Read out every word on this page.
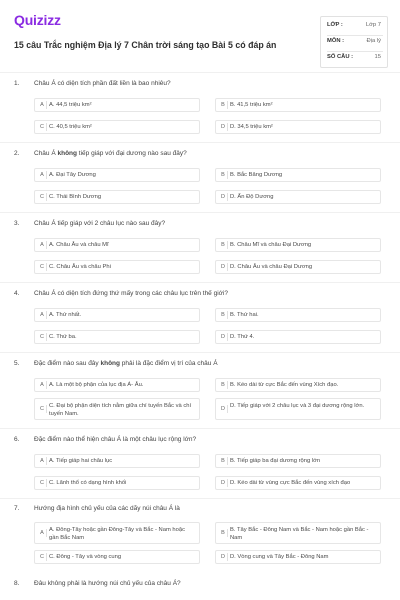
Quizizz
15 câu Trắc nghiệm Địa lý 7 Chân trời sáng tạo Bài 5 có đáp án
LỚP :	Lớp 7
MÔN :	Địa lý
SỐ CÂU :	15
1. Châu Á có diện tích phần đất liền là bao nhiêu?
A A. 44,5 triệu km²	B B. 41,5 triệu km²
C C. 40,5 triệu km²	D D. 34,5 triệu km²
2. Châu Á không tiếp giáp với đại dương nào sau đây?
A A. Đại Tây Dương	B B. Bắc Băng Dương
C C. Thái Bình Dương	D D. Ấn Độ Dương
3. Châu Á tiếp giáp với 2 châu lục nào sau đây?
A A. Châu Âu và châu Mĩ	B B. Châu Mĩ và châu Đại Dương
C C. Châu Âu và châu Phi	D D. Châu Âu và châu Đại Dương
4. Châu Á có diện tích đứng thứ mấy trong các châu lục trên thế giới?
A A. Thứ nhất.	B B. Thứ hai.
C C. Thứ ba.	D D. Thứ 4.
5. Đặc điểm nào sau đây không phải là đặc điểm vị trí của châu Á
A A. Là một bộ phận của lục địa Á- Âu.	B B. Kéo dài từ cực Bắc đến vùng Xích đạo.
C C. Đại bộ phận diện tích nằm giữa chí tuyến Bắc và chí tuyến Nam.
D D. Tiếp giáp với 2 châu lục và 3 đại dương rộng lớn.
6. Đặc điểm nào thể hiện châu Á là một châu lục rộng lớn?
A A. Tiếp giáp hai châu lục	B B. Tiếp giáp ba đại dương rộng lớn
C C. Lãnh thổ có dạng hình khối	D D. Kéo dài từ vùng cực Bắc đến vùng xích đạo
7. Hướng địa hình chủ yếu của các dãy núi châu Á là
A A. Đông-Tây hoặc gần Đông-Tây và Bắc - Nam hoặc gần Bắc Nam
B B. Tây Bắc - Đông Nam và Bắc - Nam hoặc gần Bắc - Nam
C C. Đông - Tây và vòng cung	D D. Vòng cung và Tây Bắc - Đông Nam
8. Đâu không phải là hướng núi chủ yếu của châu Á?
